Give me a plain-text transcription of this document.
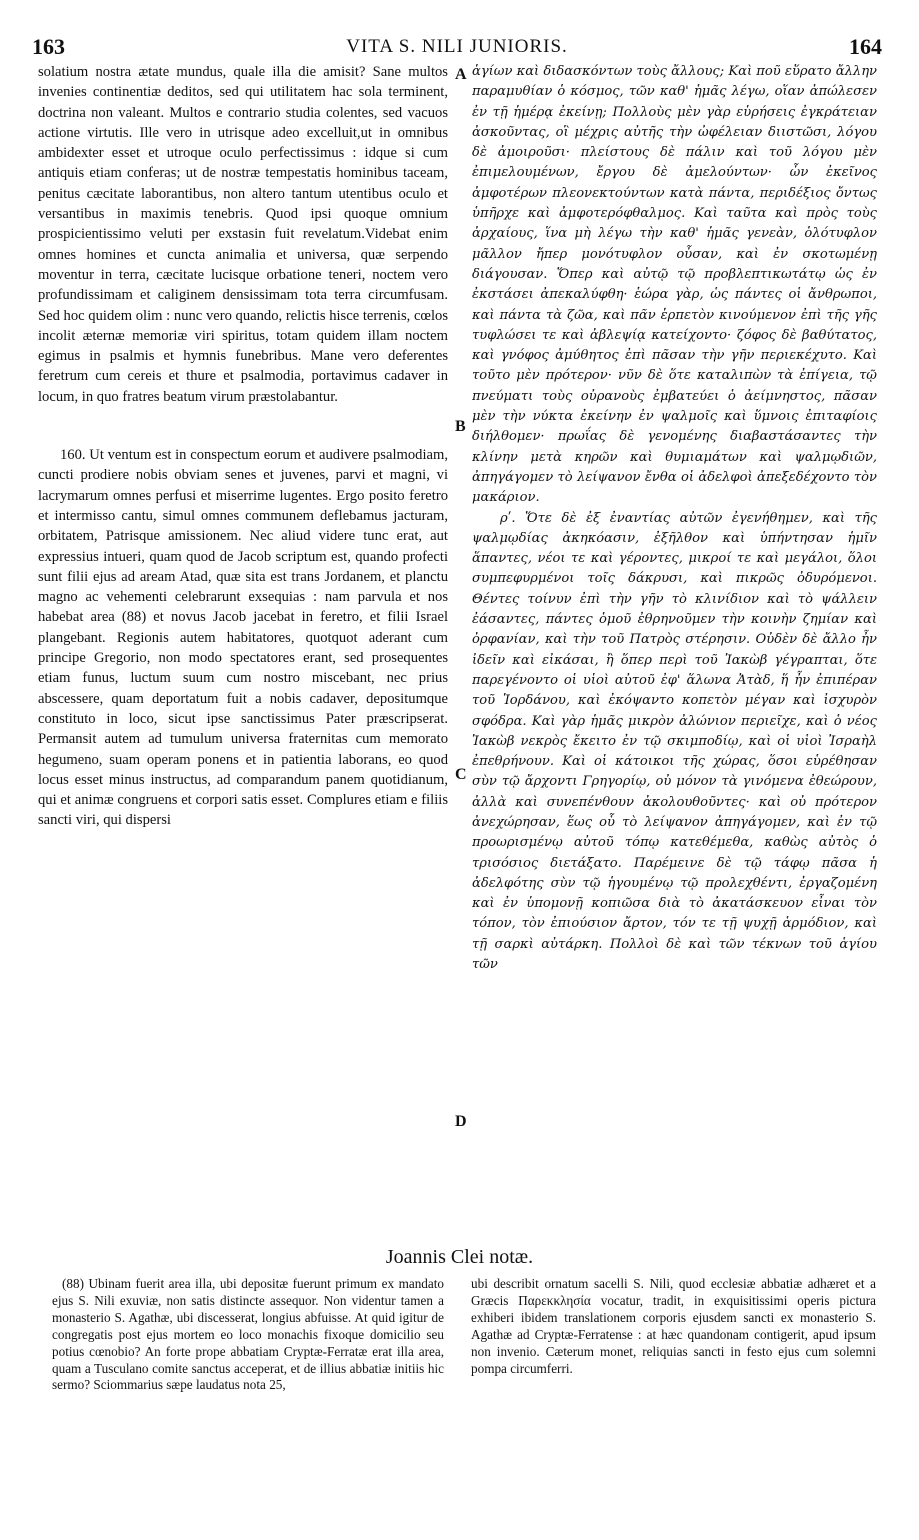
163	VITA S. NILI JUNIORIS.	164

solatium nostra ætate mundus, quale illa die amisit? Sane multos invenies continentiæ deditos, sed qui utilitatem hac sola terminent, doctrina non valeant. Multos e contrario studia colentes, sed vacuos actione virtutis. Ille vero in utrisque adeo excelluit,ut in omnibus ambidexter esset et utroque oculo perfectissimus : idque si cum antiquis etiam conferas; ut de nostræ tempestatis hominibus taceam, penitus cæcitate laborantibus, non altero tantum utentibus oculo et versantibus in maximis tenebris. Quod ipsi quoque omnium prospicientissimo veluti per exstasin fuit revelatum.Videbat enim omnes homines et cuncta animalia et universa, quæ serpendo moventur in terra, cæcitate lucisque orbatione teneri, noctem vero profundissimam et caliginem densissimam tota terra circumfusam. Sed hoc quidem olim : nunc vero quando, relictis hisce terrenis, cœlos incolit æternæ memoriæ viri spiritus, totam quidem illam noctem egimus in psalmis et hymnis funebribus. Mane vero deferentes feretrum cum cereis et thure et psalmodia, portavimus cadaver in locum, in quo fratres beatum virum præstolabantur.

160. Ut ventum est in conspectum eorum et audivere psalmodiam, cuncti prodiere nobis obviam senes et juvenes, parvi et magni, vi lacrymarum omnes perfusi et miserrime lugentes. Ergo posito feretro et intermisso cantu, simul omnes communem deflebamus jacturam, orbitatem, Patrisque amissionem. Nec aliud videre tunc erat, aut expressius intueri, quam quod de Jacob scriptum est, quando profecti sunt filii ejus ad aream Atad, quæ sita est trans Jordanem, et planctu magno ac vehementi celebrarunt exsequias : nam parvula et nos habebat area (88) et novus Jacob jacebat in feretro, et filii Israel plangebant. Regionis autem habitatores, quotquot aderant cum principe Gregorio, non modo spectatores erant, sed prosequentes etiam funus, luctum suum cum nostro miscebant, nec prius abscessere, quam deportatum fuit a nobis cadaver, depositumque constituto in loco, sicut ipse sanctissimus Pater præscripserat. Permansit autem ad tumulum universa fraternitas cum memorato hegumeno, suam operam ponens et in patientia laborans, eo quod locus esset minus instructus, ad comparandum panem quotidianum, qui et animæ congruens et corpori satis esset. Complures etiam e filiis sancti viri, qui dispersi

A
B
C
D

ἁγίων καὶ διδασκόντων τοὺς ἄλλους; Καὶ ποῦ εὕρατο ἄλλην παραμυθίαν ὁ κόσμος, τῶν καθ' ἡμᾶς λέγω, οἵαν ἀπώλεσεν ἐν τῇ ἡμέρᾳ ἐκείνῃ; Πολλοὺς μὲν γὰρ εὑρήσεις ἐγκράτειαν ἀσκοῦντας, οἳ μέχρις αὐτῆς τὴν ὠφέλειαν διιστῶσι, λόγου δὲ ἀμοιροῦσι· πλείστους δὲ πάλιν καὶ τοῦ λόγου μὲν ἐπιμελουμένων, ἔργου δὲ ἀμελούντων· ὧν ἐκεῖνος ἀμφοτέρων πλεονεκτούντων κατὰ πάντα, περιδέξιος ὄντως ὑπῆρχε καὶ ἀμφοτερόφθαλμος. Καὶ ταῦτα καὶ πρὸς τοὺς ἀρχαίους, ἵνα μὴ λέγω τὴν καθ' ἡμᾶς γενεὰν, ὁλότυφλον μᾶλλον ἤπερ μονότυφλον οὖσαν, καὶ ἐν σκοτωμένῃ διάγουσαν. Ὅπερ καὶ αὐτῷ τῷ προβλεπτικωτάτῳ ὡς ἐν ἐκστάσει ἀπεκαλύφθη· ἑώρα γὰρ, ὡς πάντες οἱ ἄνθρωποι, καὶ πάντα τὰ ζῶα, καὶ πᾶν ἑρπετὸν κινούμενον ἐπὶ τῆς γῆς τυφλώσει τε καὶ ἀβλεψίᾳ κατείχοντο· ζόφος δὲ βαθύτατος, καὶ γνόφος ἀμύθητος ἐπὶ πᾶσαν τὴν γῆν περιεκέχυτο. Καὶ τοῦτο μὲν πρότερον· νῦν δὲ ὅτε καταλιπὼν τὰ ἐπίγεια, τῷ πνεύματι τοὺς οὐρανοὺς ἐμβατεύει ὁ ἀείμνηστος, πᾶσαν μὲν τὴν νύκτα ἐκείνην ἐν ψαλμοῖς καὶ ὕμνοις ἐπιταφίοις διήλθομεν· πρωΐας δὲ γενομένης διαβαστάσαντες τὴν κλίνην μετὰ κηρῶν καὶ θυμιαμάτων καὶ ψαλμῳδιῶν, ἀπηγάγομεν τὸ λείψανον ἔνθα οἱ ἀδελφοὶ ἀπεξεδέχοντο τὸν μακάριον.

ρʹ. Ὅτε δὲ ἐξ ἐναντίας αὐτῶν ἐγενήθημεν, καὶ τῆς ψαλμῳδίας ἀκηκόασιν, ἐξῆλθον καὶ ὑπήντησαν ἡμῖν ἅπαντες, νέοι τε καὶ γέροντες, μικροί τε καὶ μεγάλοι, ὅλοι συμπεφυρμένοι τοῖς δάκρυσι, καὶ πικρῶς ὀδυρόμενοι. Θέντες τοίνυν ἐπὶ τὴν γῆν τὸ κλινίδιον καὶ τὸ ψάλλειν ἐάσαντες, πάντες ὁμοῦ ἐθρηνοῦμεν τὴν κοινὴν ζημίαν καὶ ὀρφανίαν, καὶ τὴν τοῦ Πατρὸς στέρησιν. Οὐδὲν δὲ ἄλλο ἦν ἰδεῖν καὶ εἰκάσαι, ἢ ὅπερ περὶ τοῦ Ἰακὼβ γέγραπται, ὅτε παρεγένοντο οἱ υἱοὶ αὐτοῦ ἐφ' ἅλωνα Ἀτὰδ, ἥ ἦν ἐπιπέραν τοῦ Ἰορδάνου, καὶ ἐκόψαντο κοπετὸν μέγαν καὶ ἰσχυρὸν σφόδρα. Καὶ γὰρ ἡμᾶς μικρὸν ἀλώνιον περιεῖχε, καὶ ὁ νέος Ἰακὼβ νεκρὸς ἔκειτο ἐν τῷ σκιμποδίῳ, καὶ οἱ υἱοὶ Ἰσραὴλ ἐπεθρήνουν. Καὶ οἱ κάτοικοι τῆς χώρας, ὅσοι εὑρέθησαν σὺν τῷ ἄρχοντι Γρηγορίῳ, οὐ μόνον τὰ γινόμενα ἐθεώρουν, ἀλλὰ καὶ συνεπένθουν ἀκολουθοῦντες· καὶ οὐ πρότερον ἀνεχώρησαν, ἕως οὗ τὸ λείψανον ἀπηγάγομεν, καὶ ἐν τῷ προωρισμένῳ αὐτοῦ τόπῳ κατεθέμεθα, καθὼς αὐτὸς ὁ τρισόσιος διετάξατο. Παρέμεινε δὲ τῷ τάφῳ πᾶσα ἡ ἀδελφότης σὺν τῷ ἡγουμένῳ τῷ προλεχθέντι, ἐργαζομένη καὶ ἐν ὑπομονῇ κοπιῶσα διὰ τὸ ἀκατάσκευον εἶναι τὸν τόπον, τὸν ἐπιούσιον ἄρτον, τόν τε τῇ ψυχῇ ἁρμόδιον, καὶ τῇ σαρκὶ αὐτάρκη. Πολλοὶ δὲ καὶ τῶν τέκνων τοῦ ἁγίου τῶν

Joannis Clei notæ.

(88) Ubinam fuerit area illa, ubi depositæ fuerunt primum ex mandato ejus S. Nili exuviæ, non satis distincte assequor. Non videntur tamen a monasterio S. Agathæ, ubi discesserat, longius abfuisse. At quid igitur de congregatis post ejus mortem eo loco monachis fixoque domicilio seu potius cœnobio? An forte prope abbatiam Cryptæ-Ferratæ erat illa area, quam a Tusculano comite sanctus acceperat, et de illius abbatiæ initiis hic sermo? Sciommarius sæpe laudatus nota 25,

ubi describit ornatum sacelli S. Nili, quod ecclesiæ abbatiæ adhæret et a Græcis Παρεκκλησία vocatur, tradit, in exquisitissimi operis pictura exhiberi ibidem translationem corporis ejusdem sancti ex monasterio S. Agathæ ad Cryptæ-Ferratense : at hæc quandonam contigerit, apud ipsum non invenio. Cæterum monet, reliquias sancti in festo ejus cum solemni pompa circumferri.
